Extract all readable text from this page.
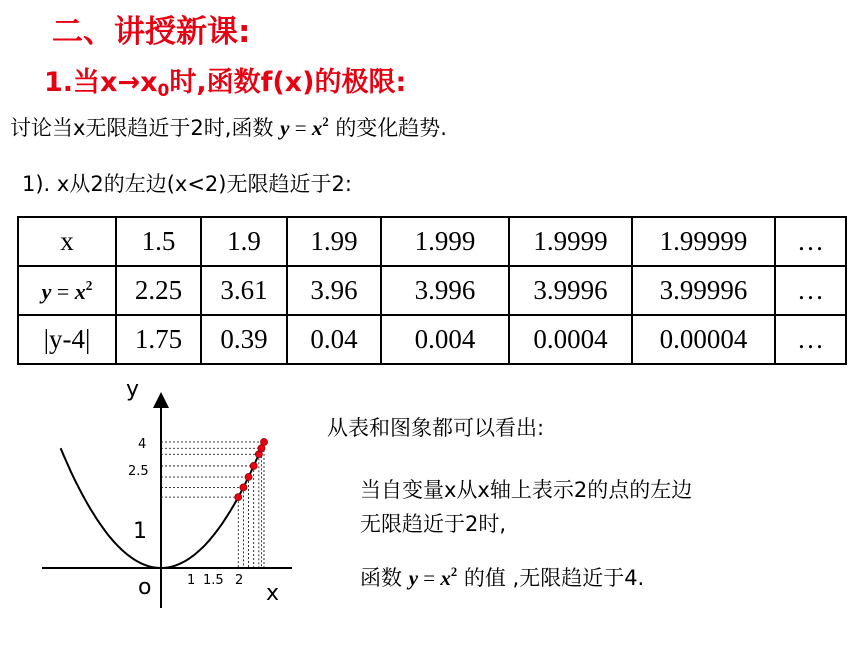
二、讲授新课:
1.当$x\to x_0$时,函数f(x)的极限:
讨论当x无限趋近于2时,函数 $y = x^2$ 的变化趋势.
1). x从2的左边(x<2)无限趋近于2:
x	1.5	1.9	1.99	1.999	1.9999	1.99999	…
$y = x^2$	2.25	3.61	3.96	3.996	3.9996	3.99996	…
|y-4|	1.75	0.39	0.04	0.004	0.0004	0.00004	…
y
x
o
1
4
2.5
1 1.5 2
从表和图象都可以看出:
当自变量x从x轴上表示2的点的左边
无限趋近于2时,
函数 $y = x^2$ 的值 ,无限趋近于4.
